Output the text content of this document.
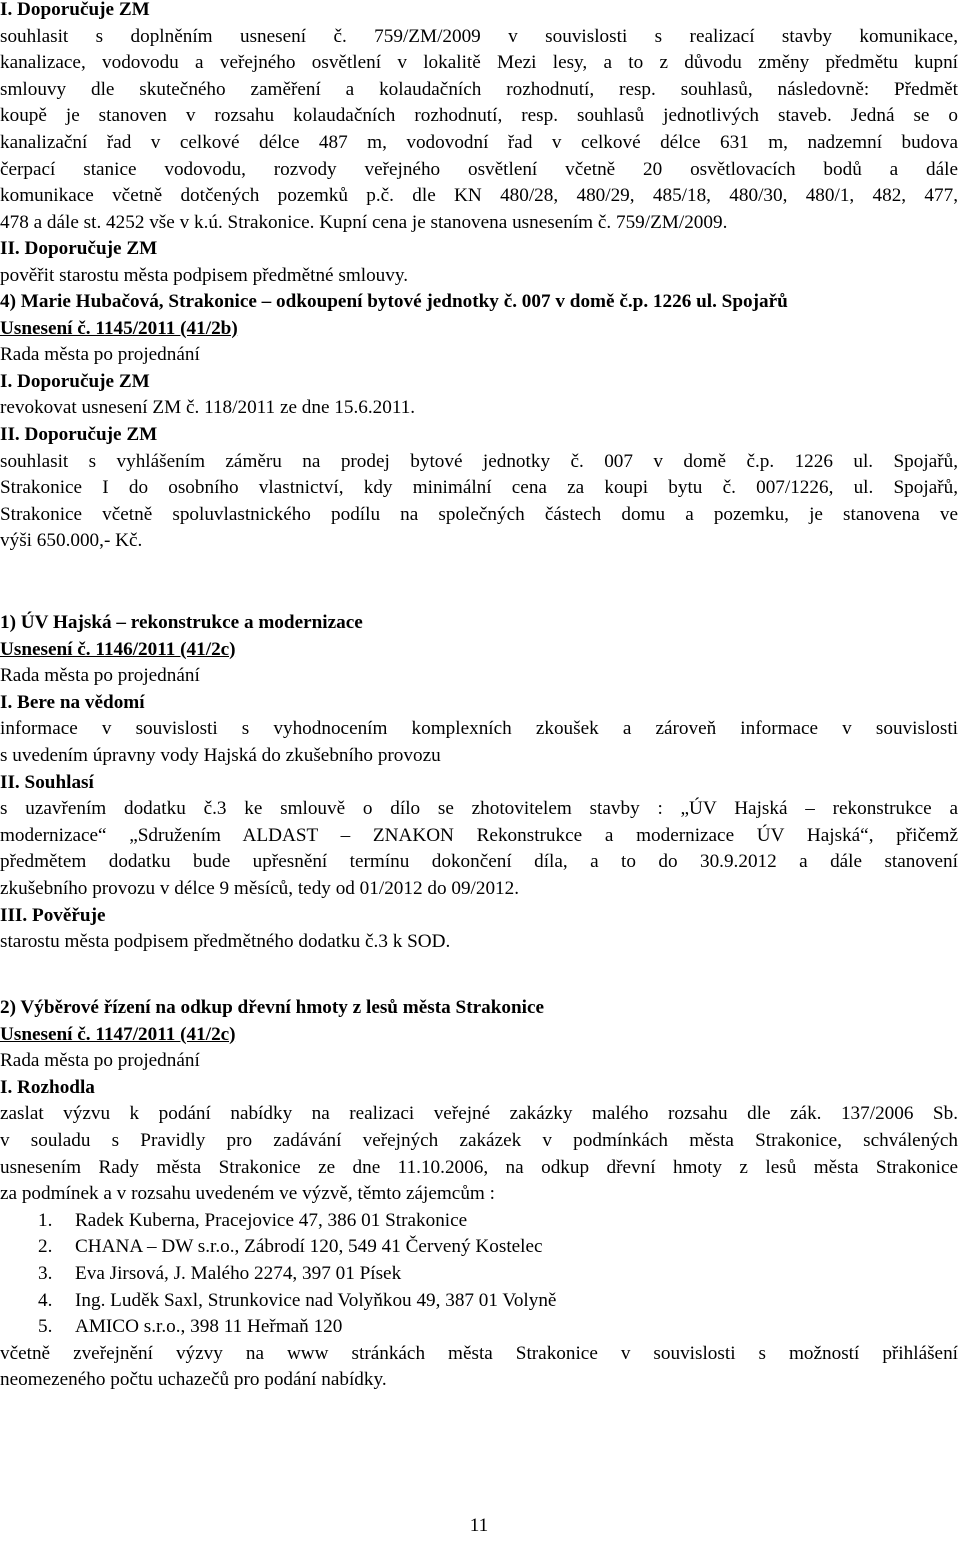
I. Doporučuje ZM

souhlasit s doplněním usnesení č. 759/ZM/2009 v souvislosti s realizací stavby komunikace,

kanalizace, vodovodu a veřejného osvětlení v lokalitě Mezi lesy, a to z důvodu změny předmětu kupní

smlouvy dle skutečného zaměření a kolaudačních rozhodnutí, resp. souhlasů, následovně: Předmět

koupě je stanoven v rozsahu kolaudačních rozhodnutí, resp. souhlasů jednotlivých staveb. Jedná se o

kanalizační řad v celkové délce 487 m, vodovodní řad v celkové délce 631 m, nadzemní budova

čerpací stanice vodovodu, rozvody veřejného osvětlení včetně 20 osvětlovacích bodů a dále

komunikace včetně dotčených pozemků p.č. dle KN 480/28, 480/29, 485/18, 480/30, 480/1, 482, 477,

478 a dále st. 4252 vše v k.ú. Strakonice. Kupní cena je stanovena usnesením č. 759/ZM/2009.

II. Doporučuje ZM

pověřit starostu města podpisem předmětné smlouvy.

4) Marie Hubačová, Strakonice – odkoupení bytové jednotky č. 007 v domě č.p. 1226 ul. Spojařů

Usnesení č. 1145/2011 (41/2b)

Rada města po projednání

I. Doporučuje ZM

revokovat usnesení ZM č. 118/2011 ze dne 15.6.2011.

II. Doporučuje ZM

souhlasit s vyhlášením záměru na prodej bytové jednotky č. 007 v domě č.p. 1226 ul. Spojařů,

Strakonice I do osobního vlastnictví, kdy minimální cena za koupi bytu č. 007/1226, ul. Spojařů,

Strakonice včetně spoluvlastnického podílu na společných částech domu a pozemku, je stanovena ve

výši 650.000,- Kč.

1) ÚV Hajská – rekonstrukce a modernizace

Usnesení č. 1146/2011 (41/2c)

Rada města po projednání

I. Bere na vědomí

informace v souvislosti s vyhodnocením komplexních zkoušek a zároveň informace v souvislosti

s uvedením úpravny vody Hajská do zkušebního provozu

II. Souhlasí

s uzavřením dodatku č.3 ke smlouvě o dílo se zhotovitelem stavby : „ÚV Hajská – rekonstrukce a

modernizace“ „Sdružením ALDAST – ZNAKON Rekonstrukce a modernizace ÚV Hajská“, přičemž

předmětem dodatku bude upřesnění termínu dokončení díla, a to do 30.9.2012 a dále stanovení

zkušebního provozu v délce 9 měsíců, tedy od 01/2012 do 09/2012.

III. Pověřuje

starostu města podpisem předmětného dodatku č.3 k SOD.

2) Výběrové řízení na odkup dřevní hmoty z lesů města Strakonice

Usnesení č. 1147/2011 (41/2c)

Rada města po projednání

I. Rozhodla

zaslat výzvu k podání nabídky na realizaci veřejné zakázky malého rozsahu dle zák. 137/2006 Sb.

v souladu s Pravidly pro zadávání veřejných zakázek v podmínkách města Strakonice, schválených

usnesením Rady města Strakonice ze dne 11.10.2006, na odkup dřevní hmoty z lesů města Strakonice

za podmínek a v rozsahu uvedeném ve výzvě, těmto zájemcům :

1. Radek Kuberna, Pracejovice 47, 386 01 Strakonice
2. CHANA – DW s.r.o., Zábrodí 120, 549 41 Červený Kostelec
3. Eva Jirsová, J. Malého 2274, 397 01 Písek
4. Ing. Luděk Saxl, Strunkovice nad Volyňkou 49, 387 01 Volyně
5. AMICO s.r.o., 398 11 Heřmaň 120

včetně zveřejnění výzvy na www stránkách města Strakonice v souvislosti s možností přihlášení

neomezeného počtu uchazečů pro podání nabídky.

11
